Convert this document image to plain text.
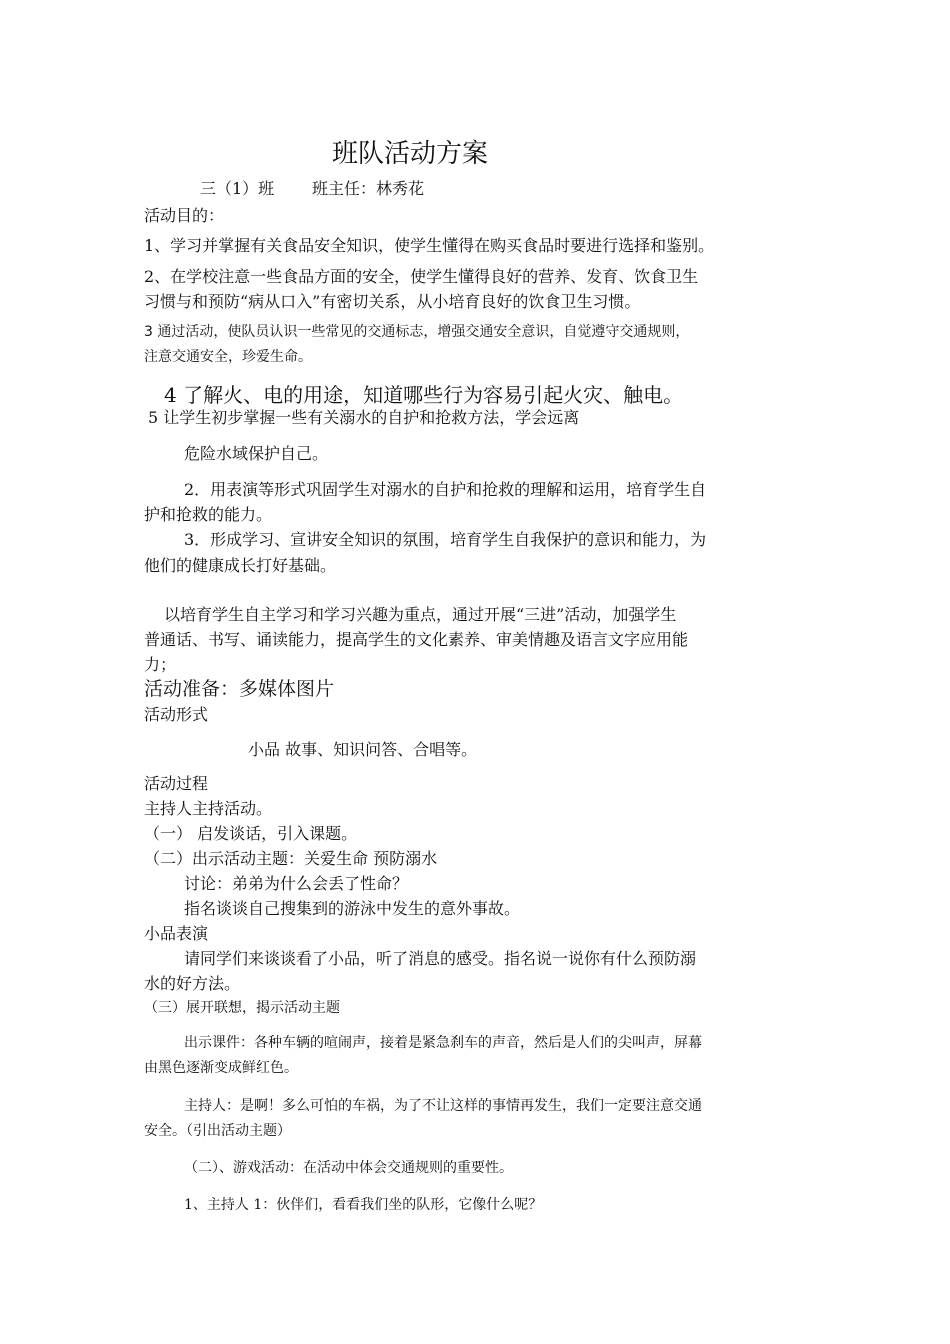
班队活动方案
三（1）班 班主任：林秀花
活动目的：
1、学习并掌握有关食品安全知识，使学生懂得在购买食品时要进行选择和鉴别。
2、在学校注意一些食品方面的安全，使学生懂得良好的营养、发育、饮食卫生
习惯与和预防“病从口入”有密切关系，从小培育良好的饮食卫生习惯。
3 通过活动，使队员认识一些常见的交通标志，增强交通安全意识，自觉遵守交通规则，
注意交通安全，珍爱生命。
4 了解火、电的用途，知道哪些行为容易引起火灾、触电。
5 让学生初步掌握一些有关溺水的自护和抢救方法，学会远离
危险水域保护自己。
2．用表演等形式巩固学生对溺水的自护和抢救的理解和运用，培育学生自
护和抢救的能力。
3．形成学习、宣讲安全知识的氛围，培育学生自我保护的意识和能力，为
他们的健康成长打好基础。
以培育学生自主学习和学习兴趣为重点，通过开展“三进”活动，加强学生
普通话、书写、诵读能力，提高学生的文化素养、审美情趣及语言文字应用能
力；
活动准备：多媒体图片
活动形式
小品 故事、知识问答、合唱等。
活动过程
主持人主持活动。
（一） 启发谈话，引入课题。
（二）出示活动主题：关爱生命 预防溺水
讨论：弟弟为什么会丢了性命？
指名谈谈自己搜集到的游泳中发生的意外事故。
小品表演
请同学们来谈谈看了小品，听了消息的感受。指名说一说你有什么预防溺
水的好方法。
（三）展开联想，揭示活动主题
出示课件：各种车辆的喧闹声，接着是紧急刹车的声音，然后是人们的尖叫声，屏幕
由黑色逐渐变成鲜红色。
主持人：是啊！多么可怕的车祸，为了不让这样的事情再发生，我们一定要注意交通
安全。（引出活动主题）
（二）、游戏活动：在活动中体会交通规则的重要性。
1、主持人 1：伙伴们，看看我们坐的队形，它像什么呢？
